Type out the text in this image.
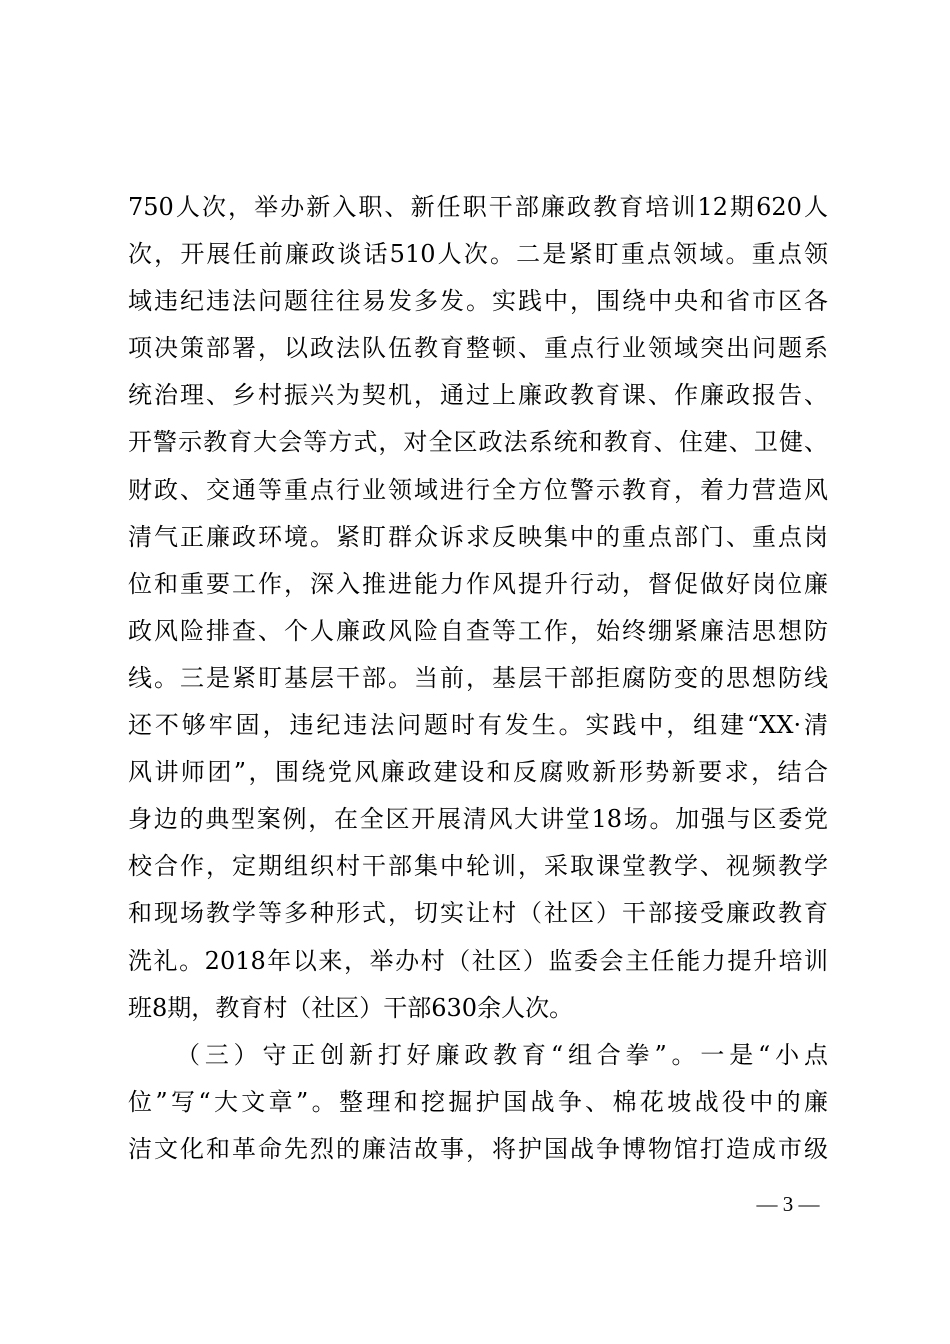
750人次，举办新入职、新任职干部廉政教育培训12期620人
次，开展任前廉政谈话510人次。二是紧盯重点领域。重点领
域违纪违法问题往往易发多发。实践中，围绕中央和省市区各
项决策部署，以政法队伍教育整顿、重点行业领域突出问题系
统治理、乡村振兴为契机，通过上廉政教育课、作廉政报告、
开警示教育大会等方式，对全区政法系统和教育、住建、卫健、
财政、交通等重点行业领域进行全方位警示教育，着力营造风
清气正廉政环境。紧盯群众诉求反映集中的重点部门、重点岗
位和重要工作，深入推进能力作风提升行动，督促做好岗位廉
政风险排查、个人廉政风险自查等工作，始终绷紧廉洁思想防
线。三是紧盯基层干部。当前，基层干部拒腐防变的思想防线
还不够牢固，违纪违法问题时有发生。实践中，组建“XX·清
风讲师团”，围绕党风廉政建设和反腐败新形势新要求，结合
身边的典型案例，在全区开展清风大讲堂18场。加强与区委党
校合作，定期组织村干部集中轮训，采取课堂教学、视频教学
和现场教学等多种形式，切实让村（社区）干部接受廉政教育
洗礼。2018年以来，举办村（社区）监委会主任能力提升培训
班8期，教育村（社区）干部630余人次。
（三）守正创新打好廉政教育“组合拳”。一是“小点
位”写“大文章”。整理和挖掘护国战争、棉花坡战役中的廉
洁文化和革命先烈的廉洁故事，将护国战争博物馆打造成市级
— 3 —
